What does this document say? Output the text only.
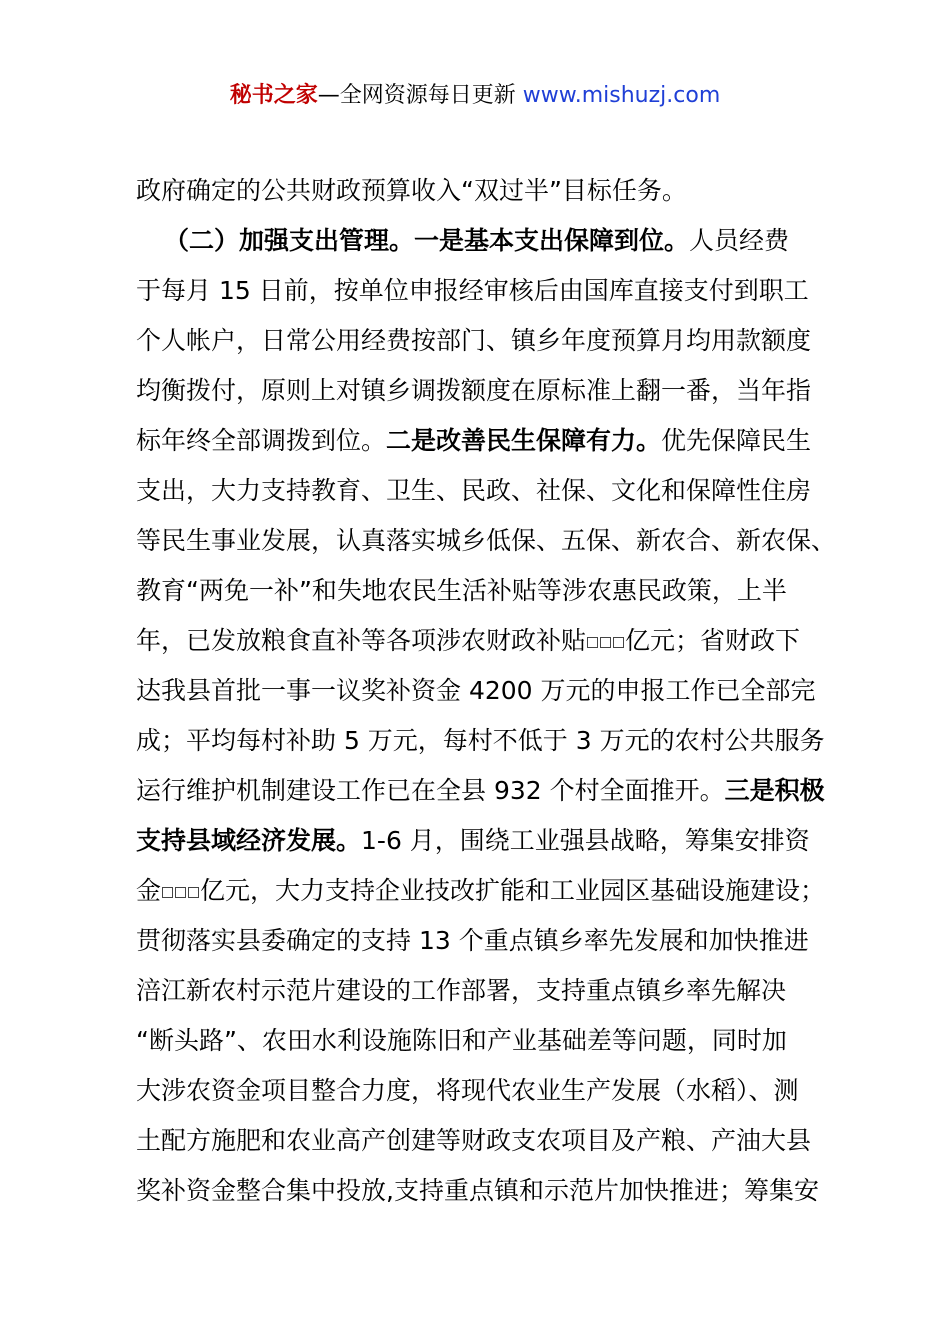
秘书之家—全网资源每日更新 www.mishuzj.com
政府确定的公共财政预算收入“双过半”目标任务。
（二）加强支出管理。一是基本支出保障到位。人员经费
于每月 15 日前，按单位申报经审核后由国库直接支付到职工
个人帐户，日常公用经费按部门、镇乡年度预算月均用款额度
均衡拨付，原则上对镇乡调拨额度在原标准上翻一番，当年指
标年终全部调拨到位。二是改善民生保障有力。优先保障民生
支出，大力支持教育、卫生、民政、社保、文化和保障性住房
等民生事业发展，认真落实城乡低保、五保、新农合、新农保、
教育“两免一补”和失地农民生活补贴等涉农惠民政策，上半
年，已发放粮食直补等各项涉农财政补贴 亿元；省财政下
达我县首批一事一议奖补资金 4200 万元的申报工作已全部完
成；平均每村补助 5 万元，每村不低于 3 万元的农村公共服务
运行维护机制建设工作已在全县 932 个村全面推开。三是积极
支持县域经济发展。1-6 月，围绕工业强县战略，筹集安排资
金 亿元，大力支持企业技改扩能和工业园区基础设施建设；
贯彻落实县委确定的支持 13 个重点镇乡率先发展和加快推进
涪江新农村示范片建设的工作部署，支持重点镇乡率先解决
“断头路”、农田水利设施陈旧和产业基础差等问题，同时加
大涉农资金项目整合力度，将现代农业生产发展（水稻）、测
土配方施肥和农业高产创建等财政支农项目及产粮、产油大县
奖补资金整合集中投放,支持重点镇和示范片加快推进；筹集安
